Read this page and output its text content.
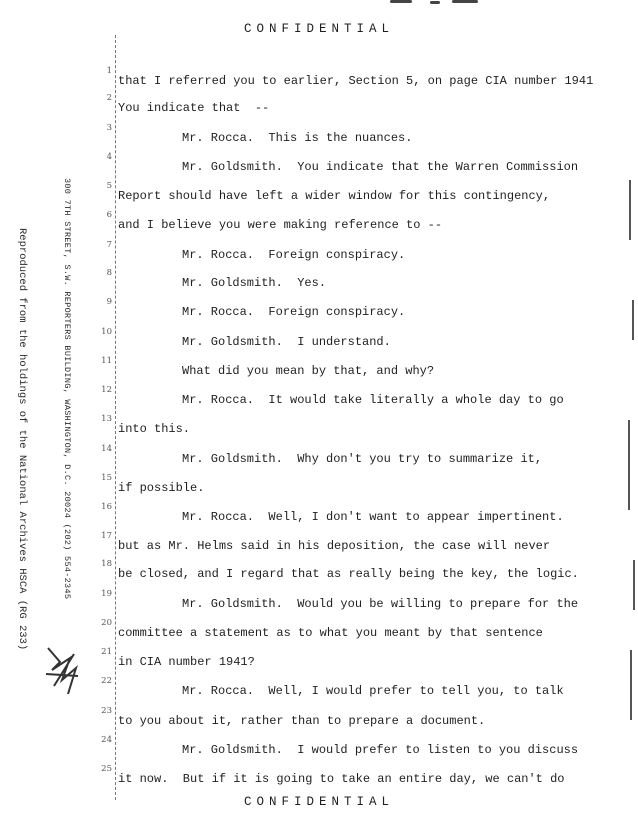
CONFIDENTIAL
Reproduced from the holdings of the National Archives HSCA (RG 233)	300 7TH STREET, S.W. REPORTERS BUILDING, WASHINGTON, D.C. 20024 (202) 554-2345
1
2
3
4
5
6
7
8
9
10
11
12
13
14
15
16
17
18
19
20
21
22
23
24
25
that I referred you to earlier, Section 5, on page CIA number 1941
You indicate that  --
Mr. Rocca.  This is the nuances.
Mr. Goldsmith.  You indicate that the Warren Commission
Report should have left a wider window for this contingency,
and I believe you were making reference to --
Mr. Rocca.  Foreign conspiracy.
Mr. Goldsmith.  Yes.
Mr. Rocca.  Foreign conspiracy.
Mr. Goldsmith.  I understand.
What did you mean by that, and why?
Mr. Rocca.  It would take literally a whole day to go
into this.
Mr. Goldsmith.  Why don't you try to summarize it,
if possible.
Mr. Rocca.  Well, I don't want to appear impertinent.
but as Mr. Helms said in his deposition, the case will never
be closed, and I regard that as really being the key, the logic.
Mr. Goldsmith.  Would you be willing to prepare for the
committee a statement as to what you meant by that sentence
in CIA number 1941?
Mr. Rocca.  Well, I would prefer to tell you, to talk
to you about it, rather than to prepare a document.
Mr. Goldsmith.  I would prefer to listen to you discuss
it now.  But if it is going to take an entire day, we can't do
CONFIDENTIAL
